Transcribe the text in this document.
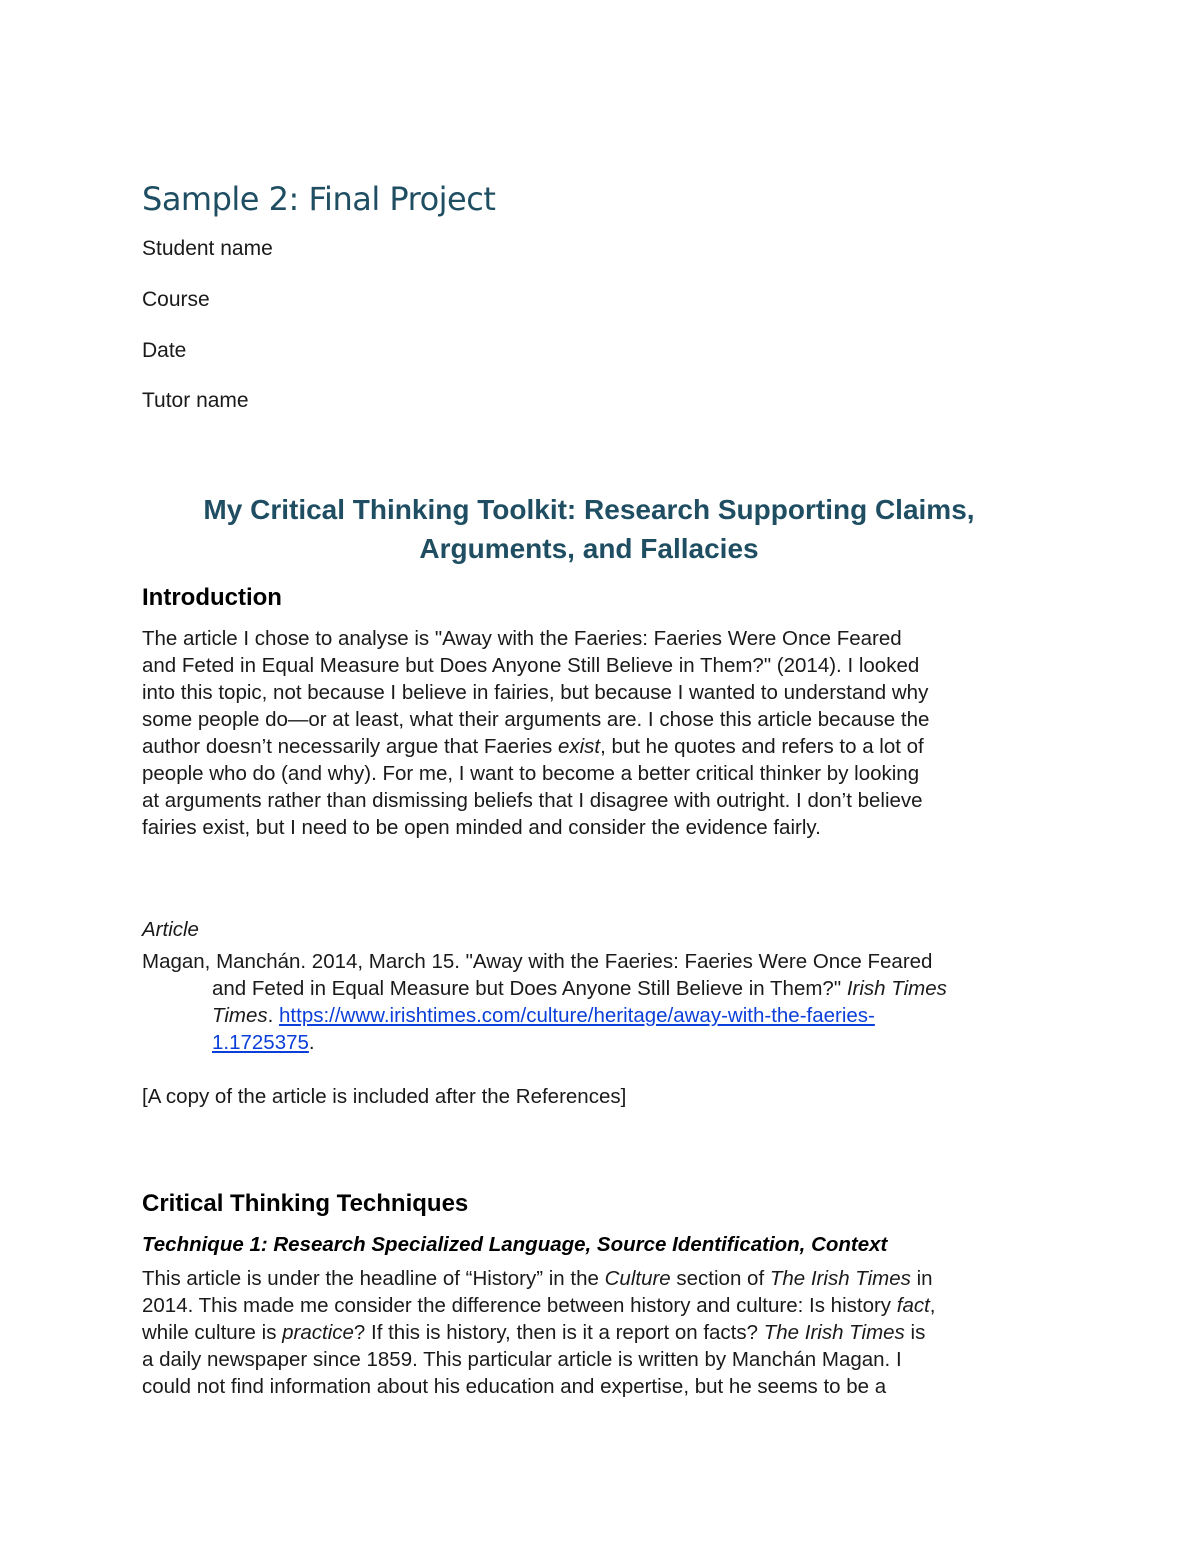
Sample 2: Final Project

Student name

Course

Date

Tutor name

My Critical Thinking Toolkit: Research Supporting Claims,
Arguments, and Fallacies
Introduction
The article I chose to analyse is "Away with the Faeries: Faeries Were Once Feared
and Feted in Equal Measure but Does Anyone Still Believe in Them?" (2014). I looked
into this topic, not because I believe in fairies, but because I wanted to understand why
some people do—or at least, what their arguments are. I chose this article because the
author doesn’t necessarily argue that Faeries exist, but he quotes and refers to a lot of
people who do (and why). For me, I want to become a better critical thinker by looking
at arguments rather than dismissing beliefs that I disagree with outright. I don’t believe
fairies exist, but I need to be open minded and consider the evidence fairly.

Article

Magan, Manchán. 2014, March 15. "Away with the Faeries: Faeries Were Once Feared
and Feted in Equal Measure but Does Anyone Still Believe in Them?" Irish Times
Times. https://www.irishtimes.com/culture/heritage/away-with-the-faeries-
1.1725375.

[A copy of the article is included after the References]

Critical Thinking Techniques

Technique 1: Research Specialized Language, Source Identification, Context

This article is under the headline of “History” in the Culture section of The Irish Times in
2014. This made me consider the difference between history and culture: Is history fact,
while culture is practice? If this is history, then is it a report on facts? The Irish Times is
a daily newspaper since 1859. This particular article is written by Manchán Magan. I
could not find information about his education and expertise, but he seems to be a
